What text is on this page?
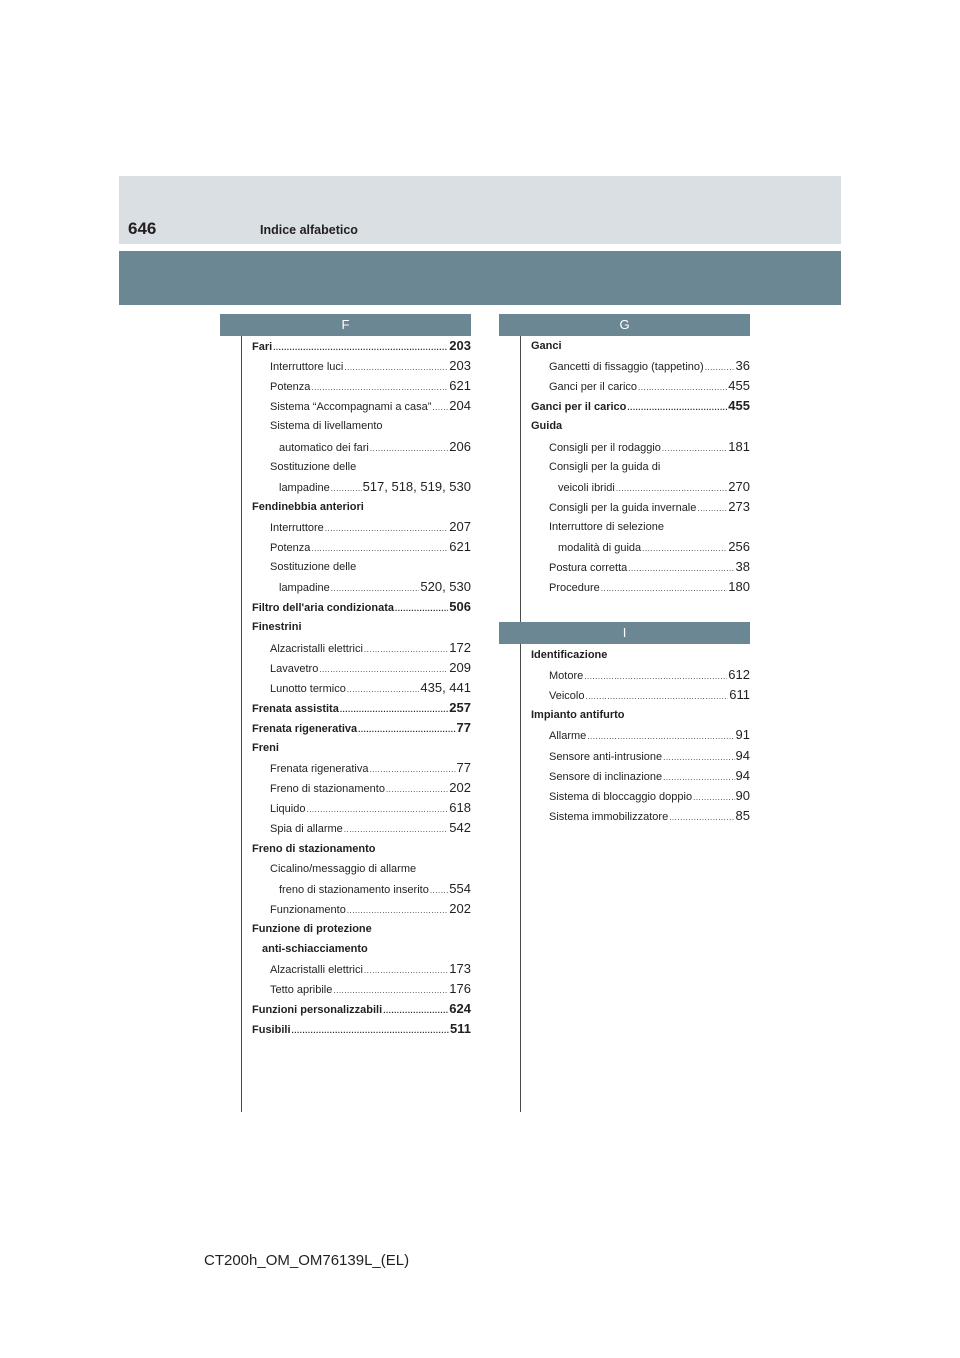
646	Indice alfabetico
F	G
I
Fari .....	203
Interruttore luci .....	203
Potenza .....	621
Sistema “Accompagnami a casa” ..... 204
Sistema di livellamento
automatico dei fari .....	206
Sostituzione delle
lampadine .....	517, 518, 519, 530
Fendinebbia anteriori
Interruttore .....	207
Potenza .....	621
Sostituzione delle
lampadine .....	520, 530
Filtro dell'aria condizionata .....	506
Finestrini
Alzacristalli elettrici .....	172
Lavavetro .....	209
Lunotto termico .....	435, 441
Frenata assistita .....	257
Frenata rigenerativa .....	77
Freni
Frenata rigenerativa .....	77
Freno di stazionamento .....	202
Liquido .....	618
Spia di allarme .....	542
Freno di stazionamento
Cicalino/messaggio di allarme
freno di stazionamento inserito ..... 554
Funzionamento .....	202
Funzione di protezione
anti-schiacciamento
Alzacristalli elettrici .....	173
Tetto apribile .....	176
Funzioni personalizzabili .....	624
Fusibili .....	511
Ganci
Gancetti di fissaggio (tappetino) ..... 36
Ganci per il carico .....	455
Ganci per il carico .....	455
Guida
Consigli per il rodaggio .....	181
Consigli per la guida di
veicoli ibridi .....	270
Consigli per la guida invernale ..... 273
Interruttore di selezione
modalità di guida .....	256
Postura corretta .....	38
Procedure .....	180
Identificazione
Motore .....	612
Veicolo .....	611
Impianto antifurto
Allarme .....	91
Sensore anti-intrusione .....	94
Sensore di inclinazione .....	94
Sistema di bloccaggio doppio .....	90
Sistema immobilizzatore .....	85
CT200h_OM_OM76139L_(EL)
